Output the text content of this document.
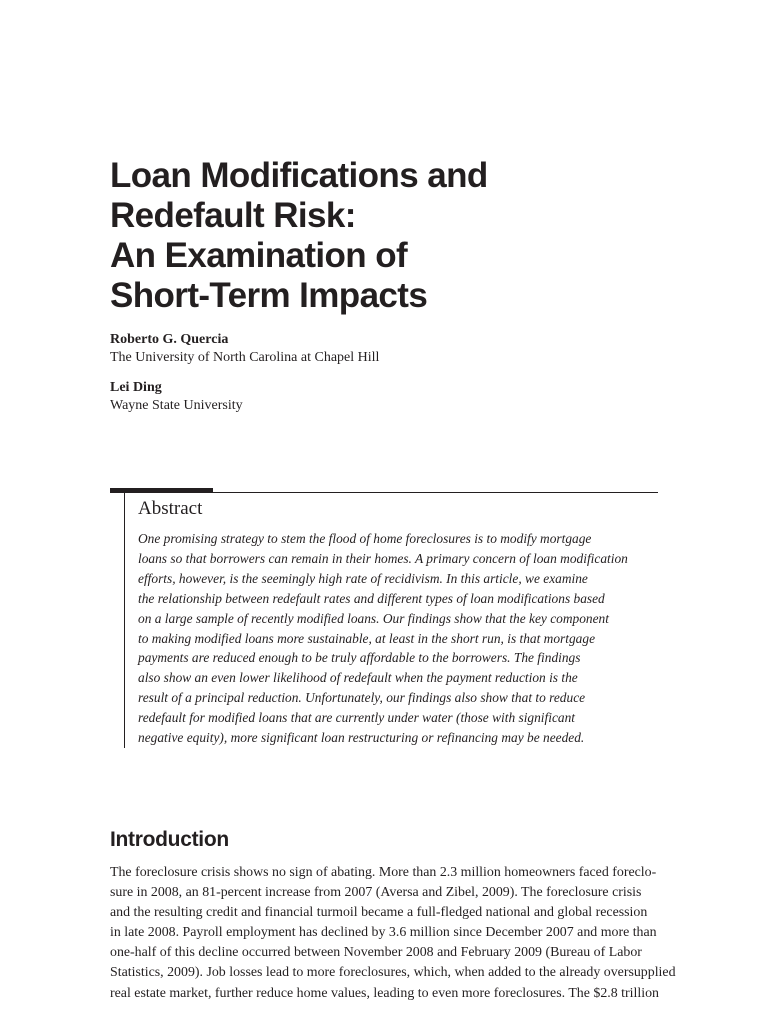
Loan Modifications and
Redefault Risk:
An Examination of
Short-Term Impacts
Roberto G. Quercia
The University of North Carolina at Chapel Hill
Lei Ding
Wayne State University
Abstract
One promising strategy to stem the flood of home foreclosures is to modify mortgage
loans so that borrowers can remain in their homes. A primary concern of loan modification
efforts, however, is the seemingly high rate of recidivism. In this article, we examine
the relationship between redefault rates and different types of loan modifications based
on a large sample of recently modified loans. Our findings show that the key component
to making modified loans more sustainable, at least in the short run, is that mortgage
payments are reduced enough to be truly affordable to the borrowers. The findings
also show an even lower likelihood of redefault when the payment reduction is the
result of a principal reduction. Unfortunately, our findings also show that to reduce
redefault for modified loans that are currently under water (those with significant
negative equity), more significant loan restructuring or refinancing may be needed.
Introduction
The foreclosure crisis shows no sign of abating. More than 2.3 million homeowners faced foreclo-
sure in 2008, an 81-percent increase from 2007 (Aversa and Zibel, 2009). The foreclosure crisis
and the resulting credit and financial turmoil became a full-fledged national and global recession
in late 2008. Payroll employment has declined by 3.6 million since December 2007 and more than
one-half of this decline occurred between November 2008 and February 2009 (Bureau of Labor
Statistics, 2009). Job losses lead to more foreclosures, which, when added to the already oversupplied
real estate market, further reduce home values, leading to even more foreclosures. The $2.8 trillion
